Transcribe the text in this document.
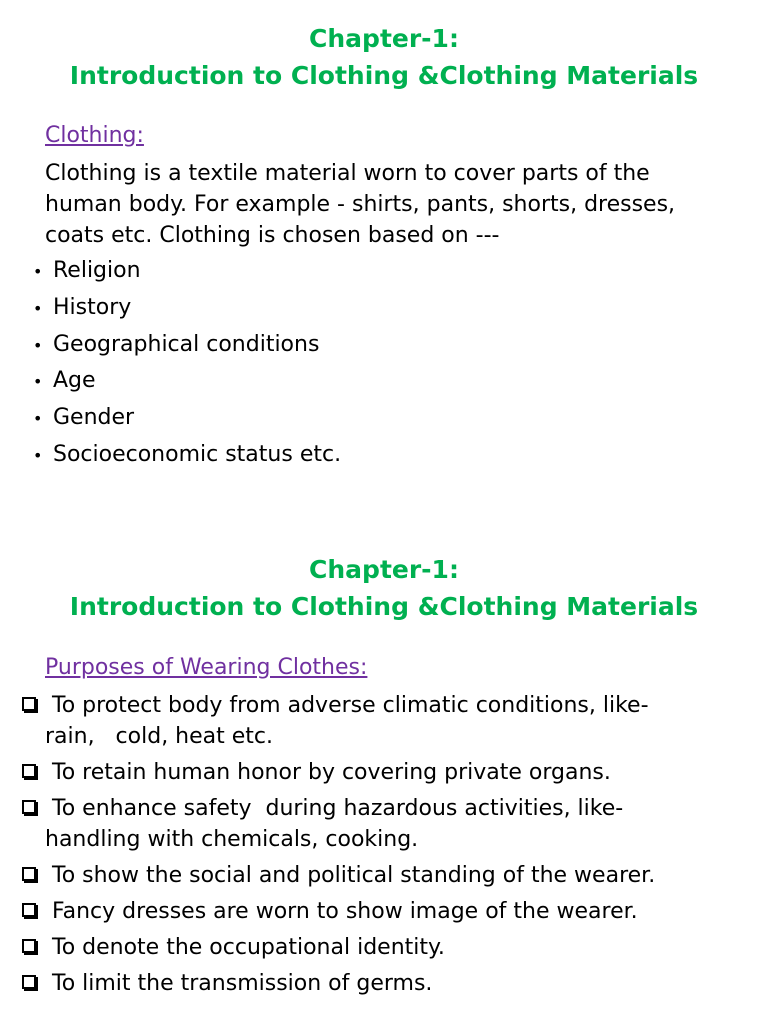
Chapter-1:
Introduction to Clothing &Clothing Materials
Clothing:
Clothing is a textile material worn to cover parts of the
human body. For example - shirts, pants, shorts, dresses,
coats etc. Clothing is chosen based on ---
• Religion
• History
• Geographical conditions
• Age
• Gender
• Socioeconomic status etc.
Chapter-1:
Introduction to Clothing &Clothing Materials
Purposes of Wearing Clothes:
To protect body from adverse climatic conditions, like-
rain,   cold, heat etc.
To retain human honor by covering private organs.
To enhance safety  during hazardous activities, like-
handling with chemicals, cooking.
To show the social and political standing of the wearer.
Fancy dresses are worn to show image of the wearer.
To denote the occupational identity.
To limit the transmission of germs.
